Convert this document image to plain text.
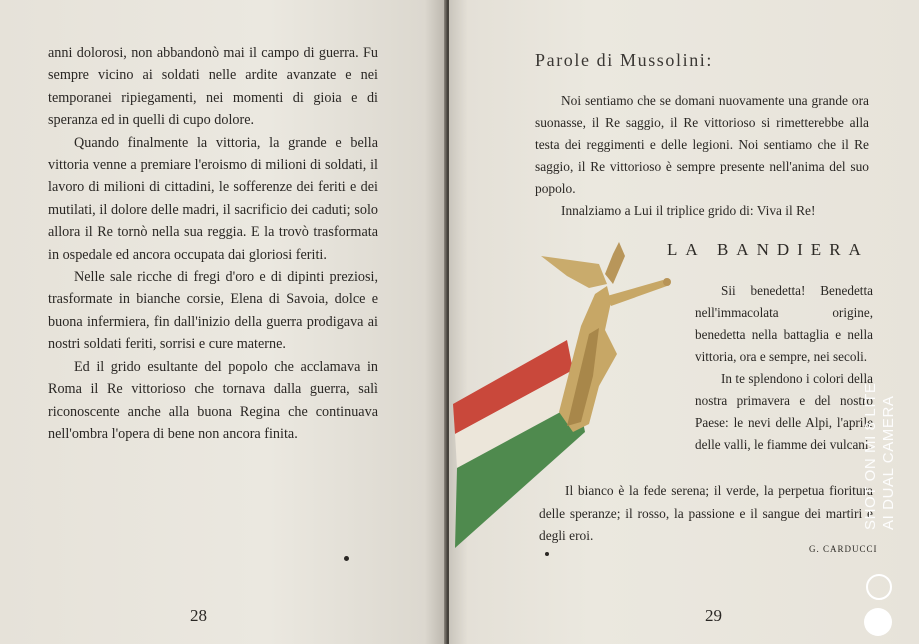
anni dolorosi, non abbandonò mai il campo di guerra. Fu sempre vicino ai soldati nelle ardite avanzate e nei temporanei ripiegamenti, nei momenti di gioia e di speranza ed in quelli di cupo dolore.

Quando finalmente la vittoria, la grande e bella vittoria venne a premiare l'eroismo di milioni di soldati, il lavoro di milioni di cittadini, le sofferenze dei feriti e dei mutilati, il dolore delle madri, il sacrificio dei caduti; solo allora il Re tornò nella sua reggia. E la trovò trasformata in ospedale ed ancora occupata dai gloriosi feriti.

Nelle sale ricche di fregi d'oro e di dipinti preziosi, trasformate in bianche corsie, Elena di Savoia, dolce e buona infermiera, fin dall'inizio della guerra prodigava ai nostri soldati feriti, sorrisi e cure materne.

Ed il grido esultante del popolo che acclamava in Roma il Re vittorioso che tornava dalla guerra, salì riconoscente anche alla buona Regina che continuava nell'ombra l'opera di bene non ancora finita.

28
Parole di Mussolini:

Noi sentiamo che se domani nuovamente una grande ora suonasse, il Re saggio, il Re vittorioso si rimetterebbe alla testa dei reggimenti e delle legioni. Noi sentiamo che il Re saggio, il Re vittorioso è sempre presente nell'anima del suo popolo.

Innalziamo a Lui il triplice grido di: Viva il Re!

LA BANDIERA

Sii benedetta! Benedetta nell'immacolata origine, benedetta nella battaglia e nella vittoria, ora e sempre, nei secoli.

In te splendono i colori della nostra primavera e del nostro Paese: le nevi delle Alpi, l'aprile delle valli, le fiamme dei vulcani.

Il bianco è la fede serena; il verde, la perpetua fioritura delle speranze; il rosso, la passione e il sangue dei martiri e degli eroi.

G. CARDUCCI
29
SHOT ON MI 8 LITE AI DUAL CAMERA
